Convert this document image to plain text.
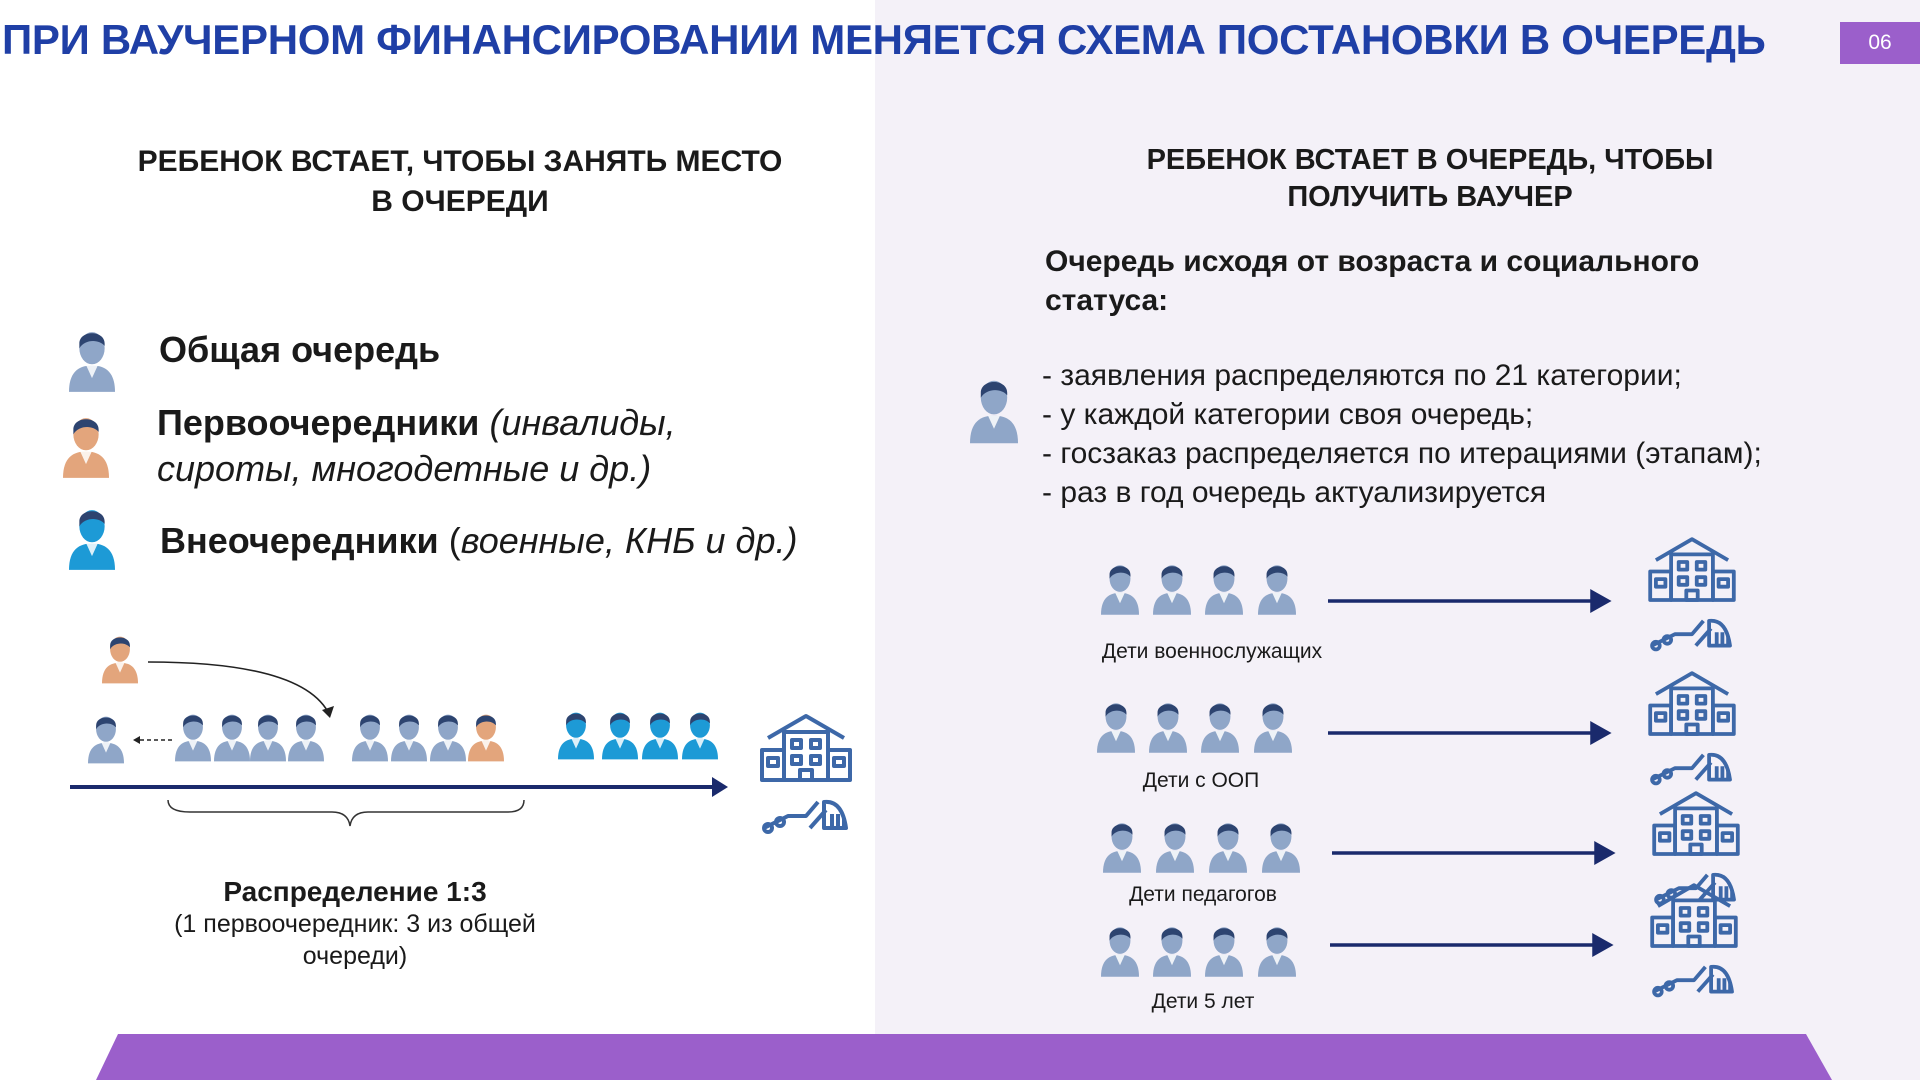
ПРИ ВАУЧЕРНОМ ФИНАНСИРОВАНИИ МЕНЯЕТСЯ СХЕМА ПОСТАНОВКИ В ОЧЕРЕДЬ	06
РЕБЕНОК ВСТАЕТ, ЧТОБЫ ЗАНЯТЬ МЕСТО
В ОЧЕРЕДИ
РЕБЕНОК ВСТАЕТ В ОЧЕРЕДЬ, ЧТОБЫ
ПОЛУЧИТЬ ВАУЧЕР
Общая очередь
Первоочередники (инвалиды,
сироты, многодетные и др.)
Внеочередники (военные, КНБ и др.)
Распределение 1:3
(1 первоочередник: 3 из общей
очереди)
Очередь исходя от возраста и социального
статуса:
- заявления распределяются по 21 категории;
- у каждой категории своя очередь;
- госзаказ распределяется по итерациями (этапам);
- раз в год очередь актуализируется
Дети военнослужащих
Дети с ООП
Дети педагогов
Дети 5 лет
